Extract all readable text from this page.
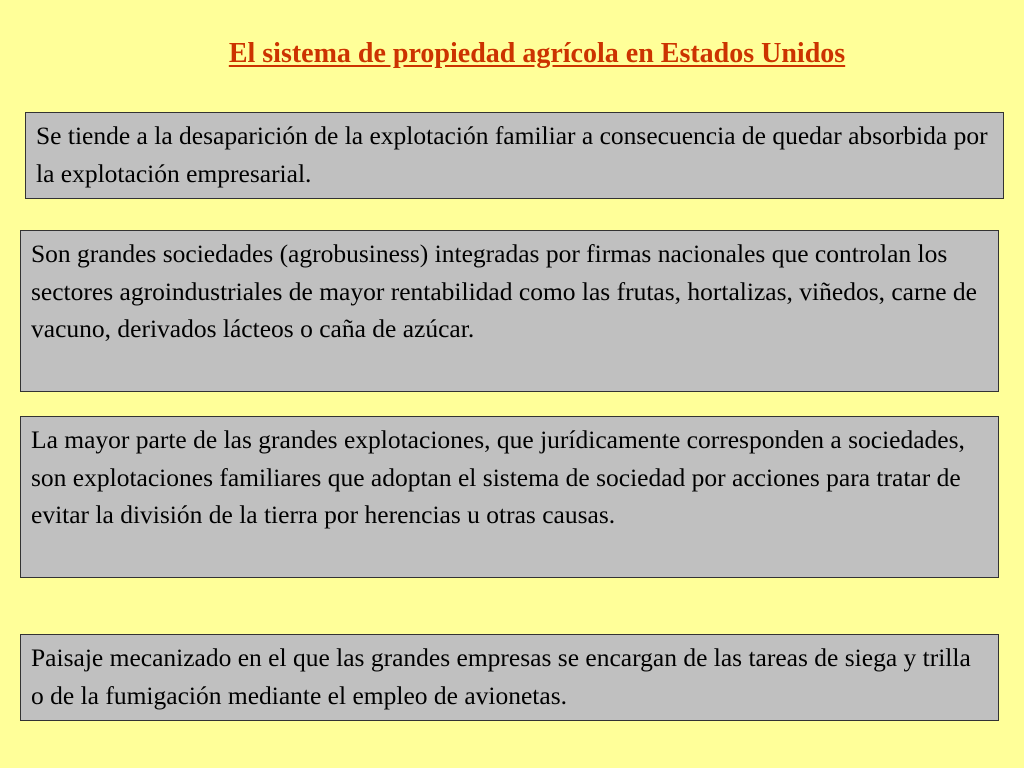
El sistema de propiedad agrícola en Estados Unidos
Se tiende a la desaparición de la explotación familiar a consecuencia de quedar absorbida por la explotación empresarial.
Son grandes sociedades (agrobusiness) integradas por firmas nacionales que controlan los sectores agroindustriales de mayor rentabilidad como las frutas, hortalizas, viñedos, carne de vacuno, derivados lácteos o caña de azúcar.
La mayor parte de las grandes explotaciones, que jurídicamente corresponden a sociedades, son explotaciones familiares que adoptan el sistema de sociedad por acciones para tratar de evitar la división de la tierra por herencias u otras causas.
Paisaje mecanizado en el que las grandes empresas se encargan de las tareas de siega y trilla o de la fumigación mediante el empleo de avionetas.
